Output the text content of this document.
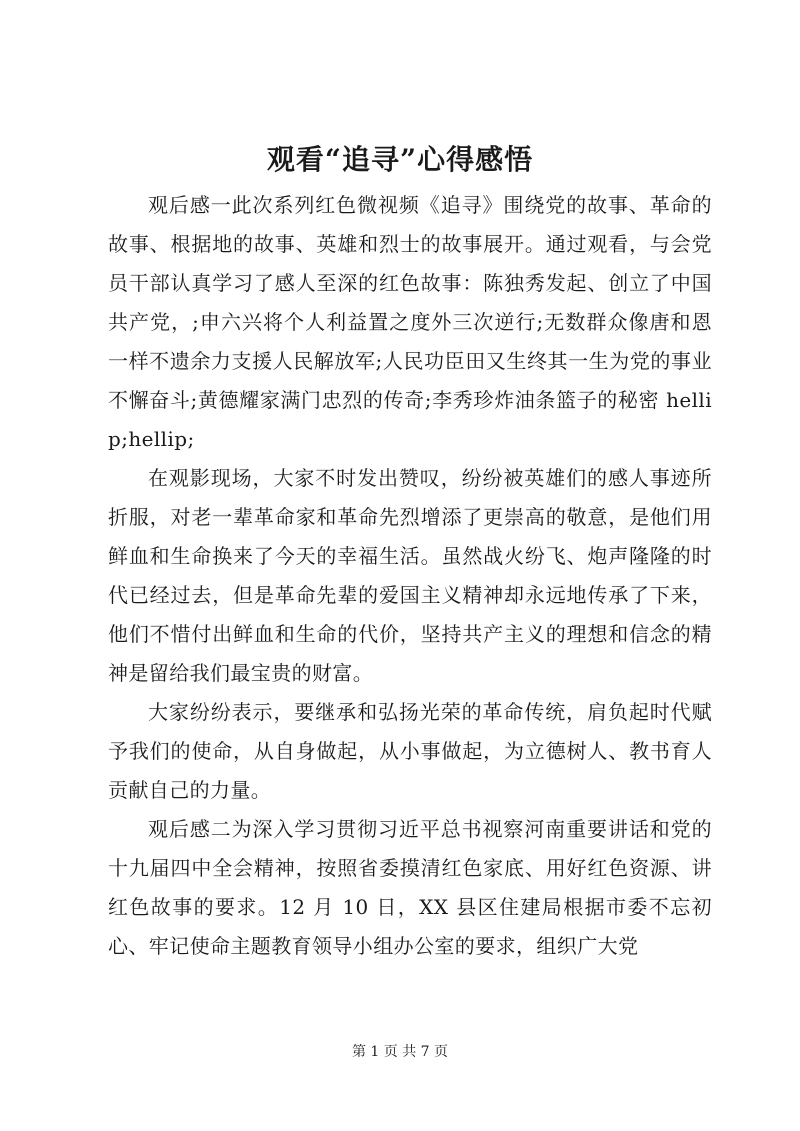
观看“追寻”心得感悟

观后感一此次系列红色微视频《追寻》围绕党的故事、革命的故事、根据地的故事、英雄和烈士的故事展开。通过观看，与会党员干部认真学习了感人至深的红色故事：陈独秀发起、创立了中国共产党，;申六兴将个人利益置之度外三次逆行;无数群众像唐和恩一样不遗余力支援人民解放军;人民功臣田又生终其一生为党的事业不懈奋斗;黄德耀家满门忠烈的传奇;李秀珍炸油条篮子的秘密 hellip;hellip;

在观影现场，大家不时发出赞叹，纷纷被英雄们的感人事迹所折服，对老一辈革命家和革命先烈增添了更崇高的敬意，是他们用鲜血和生命换来了今天的幸福生活。虽然战火纷飞、炮声隆隆的时代已经过去，但是革命先辈的爱国主义精神却永远地传承了下来，他们不惜付出鲜血和生命的代价，坚持共产主义的理想和信念的精神是留给我们最宝贵的财富。

大家纷纷表示，要继承和弘扬光荣的革命传统，肩负起时代赋予我们的使命，从自身做起，从小事做起，为立德树人、教书育人贡献自己的力量。

观后感二为深入学习贯彻习近平总书视察河南重要讲话和党的十九届四中全会精神，按照省委摸清红色家底、用好红色资源、讲红色故事的要求。12 月 10 日，XX 县区住建局根据市委不忘初心、牢记使命主题教育领导小组办公室的要求，组织广大党

第 1 页 共 7 页
